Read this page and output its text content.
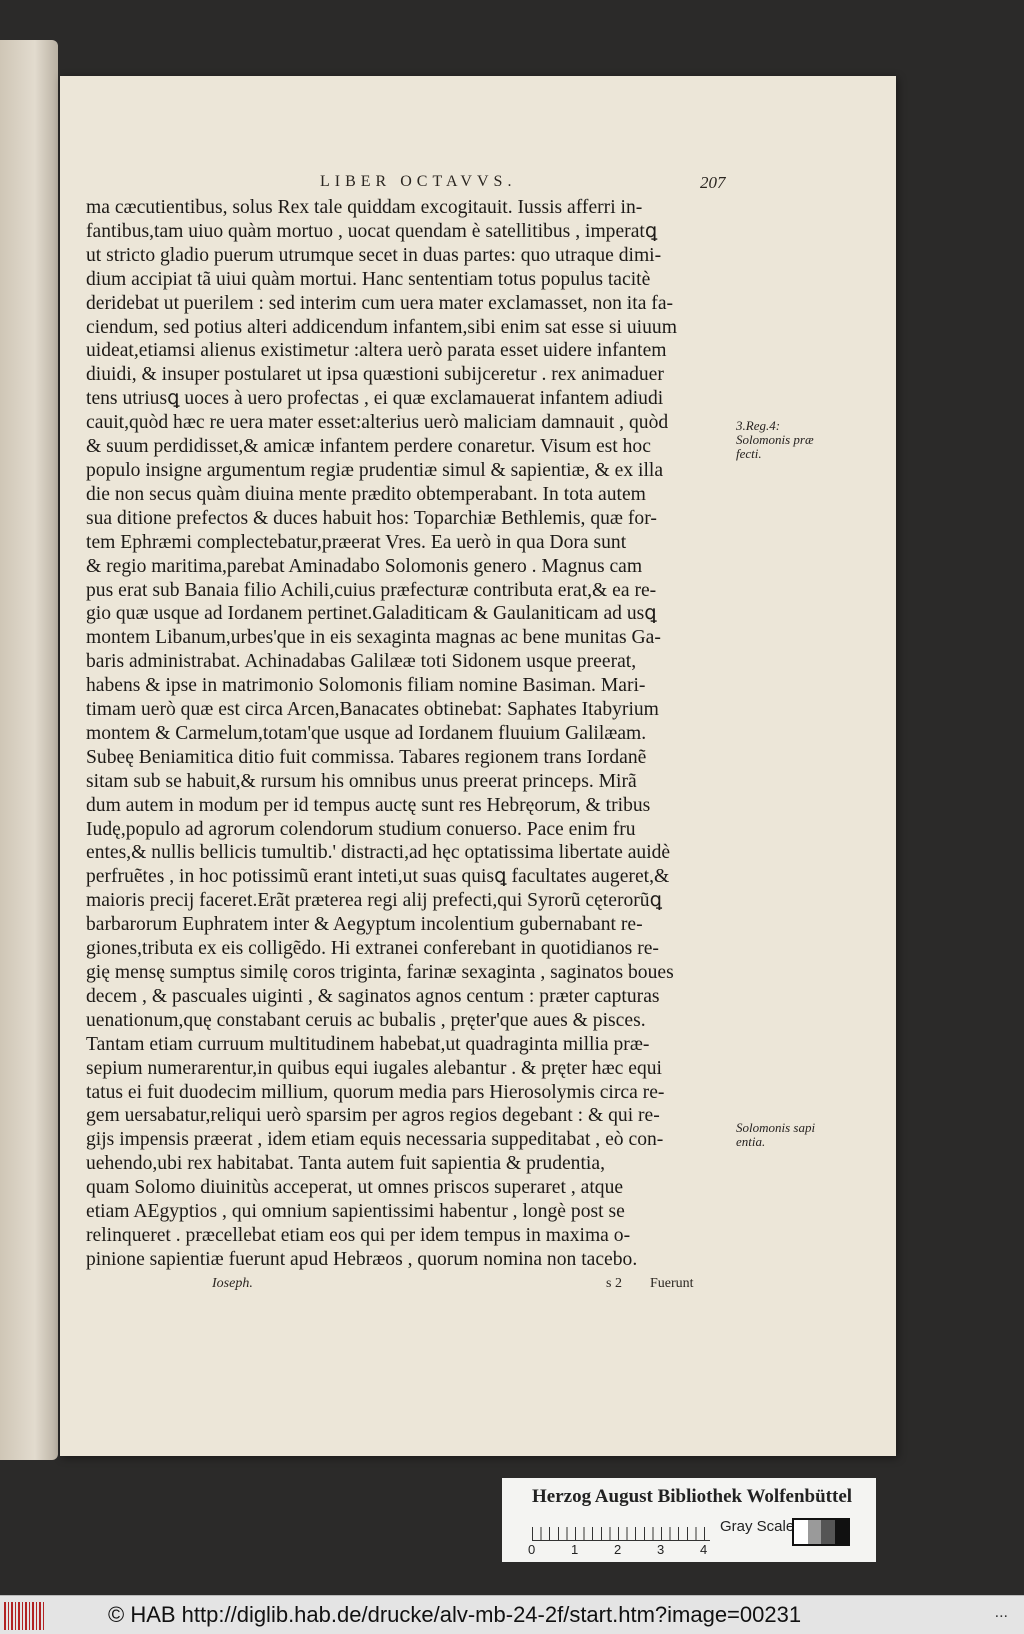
LIBER OCTAVVS.	207
ma cæcutientibus, solus Rex tale quiddam excogitauit. Iussis afferri in-
fantibus,tam uiuo quàm mortuo , uocat quendam è satellitibus , imperatꝗ
ut stricto gladio puerum utrumque secet in duas partes: quo utraque dimi-
dium accipiat tã uiui quàm mortui. Hanc sententiam totus populus tacitè
deridebat ut puerilem : sed interim cum uera mater exclamasset, non ita fa-
ciendum, sed potius alteri addicendum infantem,sibi enim sat esse si uiuum
uideat,etiamsi alienus existimetur :altera uerò parata esset uidere infantem
diuidi, & insuper postularet ut ipsa quæstioni subijceretur . rex animaduer
tens utriusꝗ uoces à uero profectas , ei quæ exclamauerat infantem adiudi
cauit,quòd hæc re uera mater esset:alterius uerò maliciam damnauit , quòd
& suum perdidisset,& amicæ infantem perdere conaretur. Visum est hoc
populo insigne argumentum regiæ prudentiæ simul & sapientiæ, & ex illa
die non secus quàm diuina mente prædito obtemperabant. In tota autem
sua ditione prefectos & duces habuit hos: Toparchiæ Bethlemis, quæ for-
tem Ephræmi complectebatur,præerat Vres. Ea uerò in qua Dora sunt
& regio maritima,parebat Aminadabo Solomonis genero . Magnus cam
pus erat sub Banaia filio Achili,cuius præfecturæ contributa erat,& ea re-
gio quæ usque ad Iordanem pertinet.Galaditicam & Gaulaniticam ad usꝗ
montem Libanum,urbes'que in eis sexaginta magnas ac bene munitas Ga-
baris administrabat. Achinadabas Galilææ toti Sidonem usque preerat,
habens & ipse in matrimonio Solomonis filiam nomine Basiman. Mari-
timam uerò quæ est circa Arcen,Banacates obtinebat: Saphates Itabyrium
montem & Carmelum,totam'que usque ad Iordanem fluuium Galilæam.
Subeę Beniamitica ditio fuit commissa. Tabares regionem trans Iordanẽ
sitam sub se habuit,& rursum his omnibus unus preerat princeps. Mirã
dum autem in modum per id tempus auctę sunt res Hebręorum, & tribus
Iudę,populo ad agrorum colendorum studium conuerso. Pace enim fru
entes,& nullis bellicis tumultib.' distracti,ad hęc optatissima libertate auidè
perfruẽtes , in hoc potissimũ erant inteti,ut suas quisꝗ facultates augeret,&
maioris precij faceret.Erãt præterea regi alij prefecti,qui Syrorũ cęterorũꝗ
barbarorum Euphratem inter & Aegyptum incolentium gubernabant re-
giones,tributa ex eis colligẽdo. Hi extranei conferebant in quotidianos re-
gię mensę sumptus similę coros triginta, farinæ sexaginta , saginatos boues
decem , & pascuales uiginti , & saginatos agnos centum : præter capturas
uenationum,quę constabant ceruis ac bubalis , pręter'que aues & pisces.
Tantam etiam curruum multitudinem habebat,ut quadraginta millia præ-
sepium numerarentur,in quibus equi iugales alebantur . & pręter hæc equi
tatus ei fuit duodecim millium, quorum media pars Hierosolymis circa re-
gem uersabatur,reliqui uerò sparsim per agros regios degebant : & qui re-
gijs impensis præerat , idem etiam equis necessaria suppeditabat , eò con-
uehendo,ubi rex habitabat. Tanta autem fuit sapientia & prudentia,
quam Solomo diuinitùs acceperat, ut omnes priscos superaret , atque
etiam AEgyptios , qui omnium sapientissimi habentur , longè post se
relinqueret . præcellebat etiam eos qui per idem tempus in maxima o-
pinione sapientiæ fuerunt apud Hebræos , quorum nomina non tacebo.
3.Reg.4:
Solomonis præ
fecti.
Solomonis sapi
entia.
Ioseph.	s 2 Fuerunt
Herzog August Bibliothek Wolfenbüttel
0	1	2	3	4
Gray Scale
© HAB http://diglib.hab.de/drucke/alv-mb-24-2f/start.htm?image=00231	...
